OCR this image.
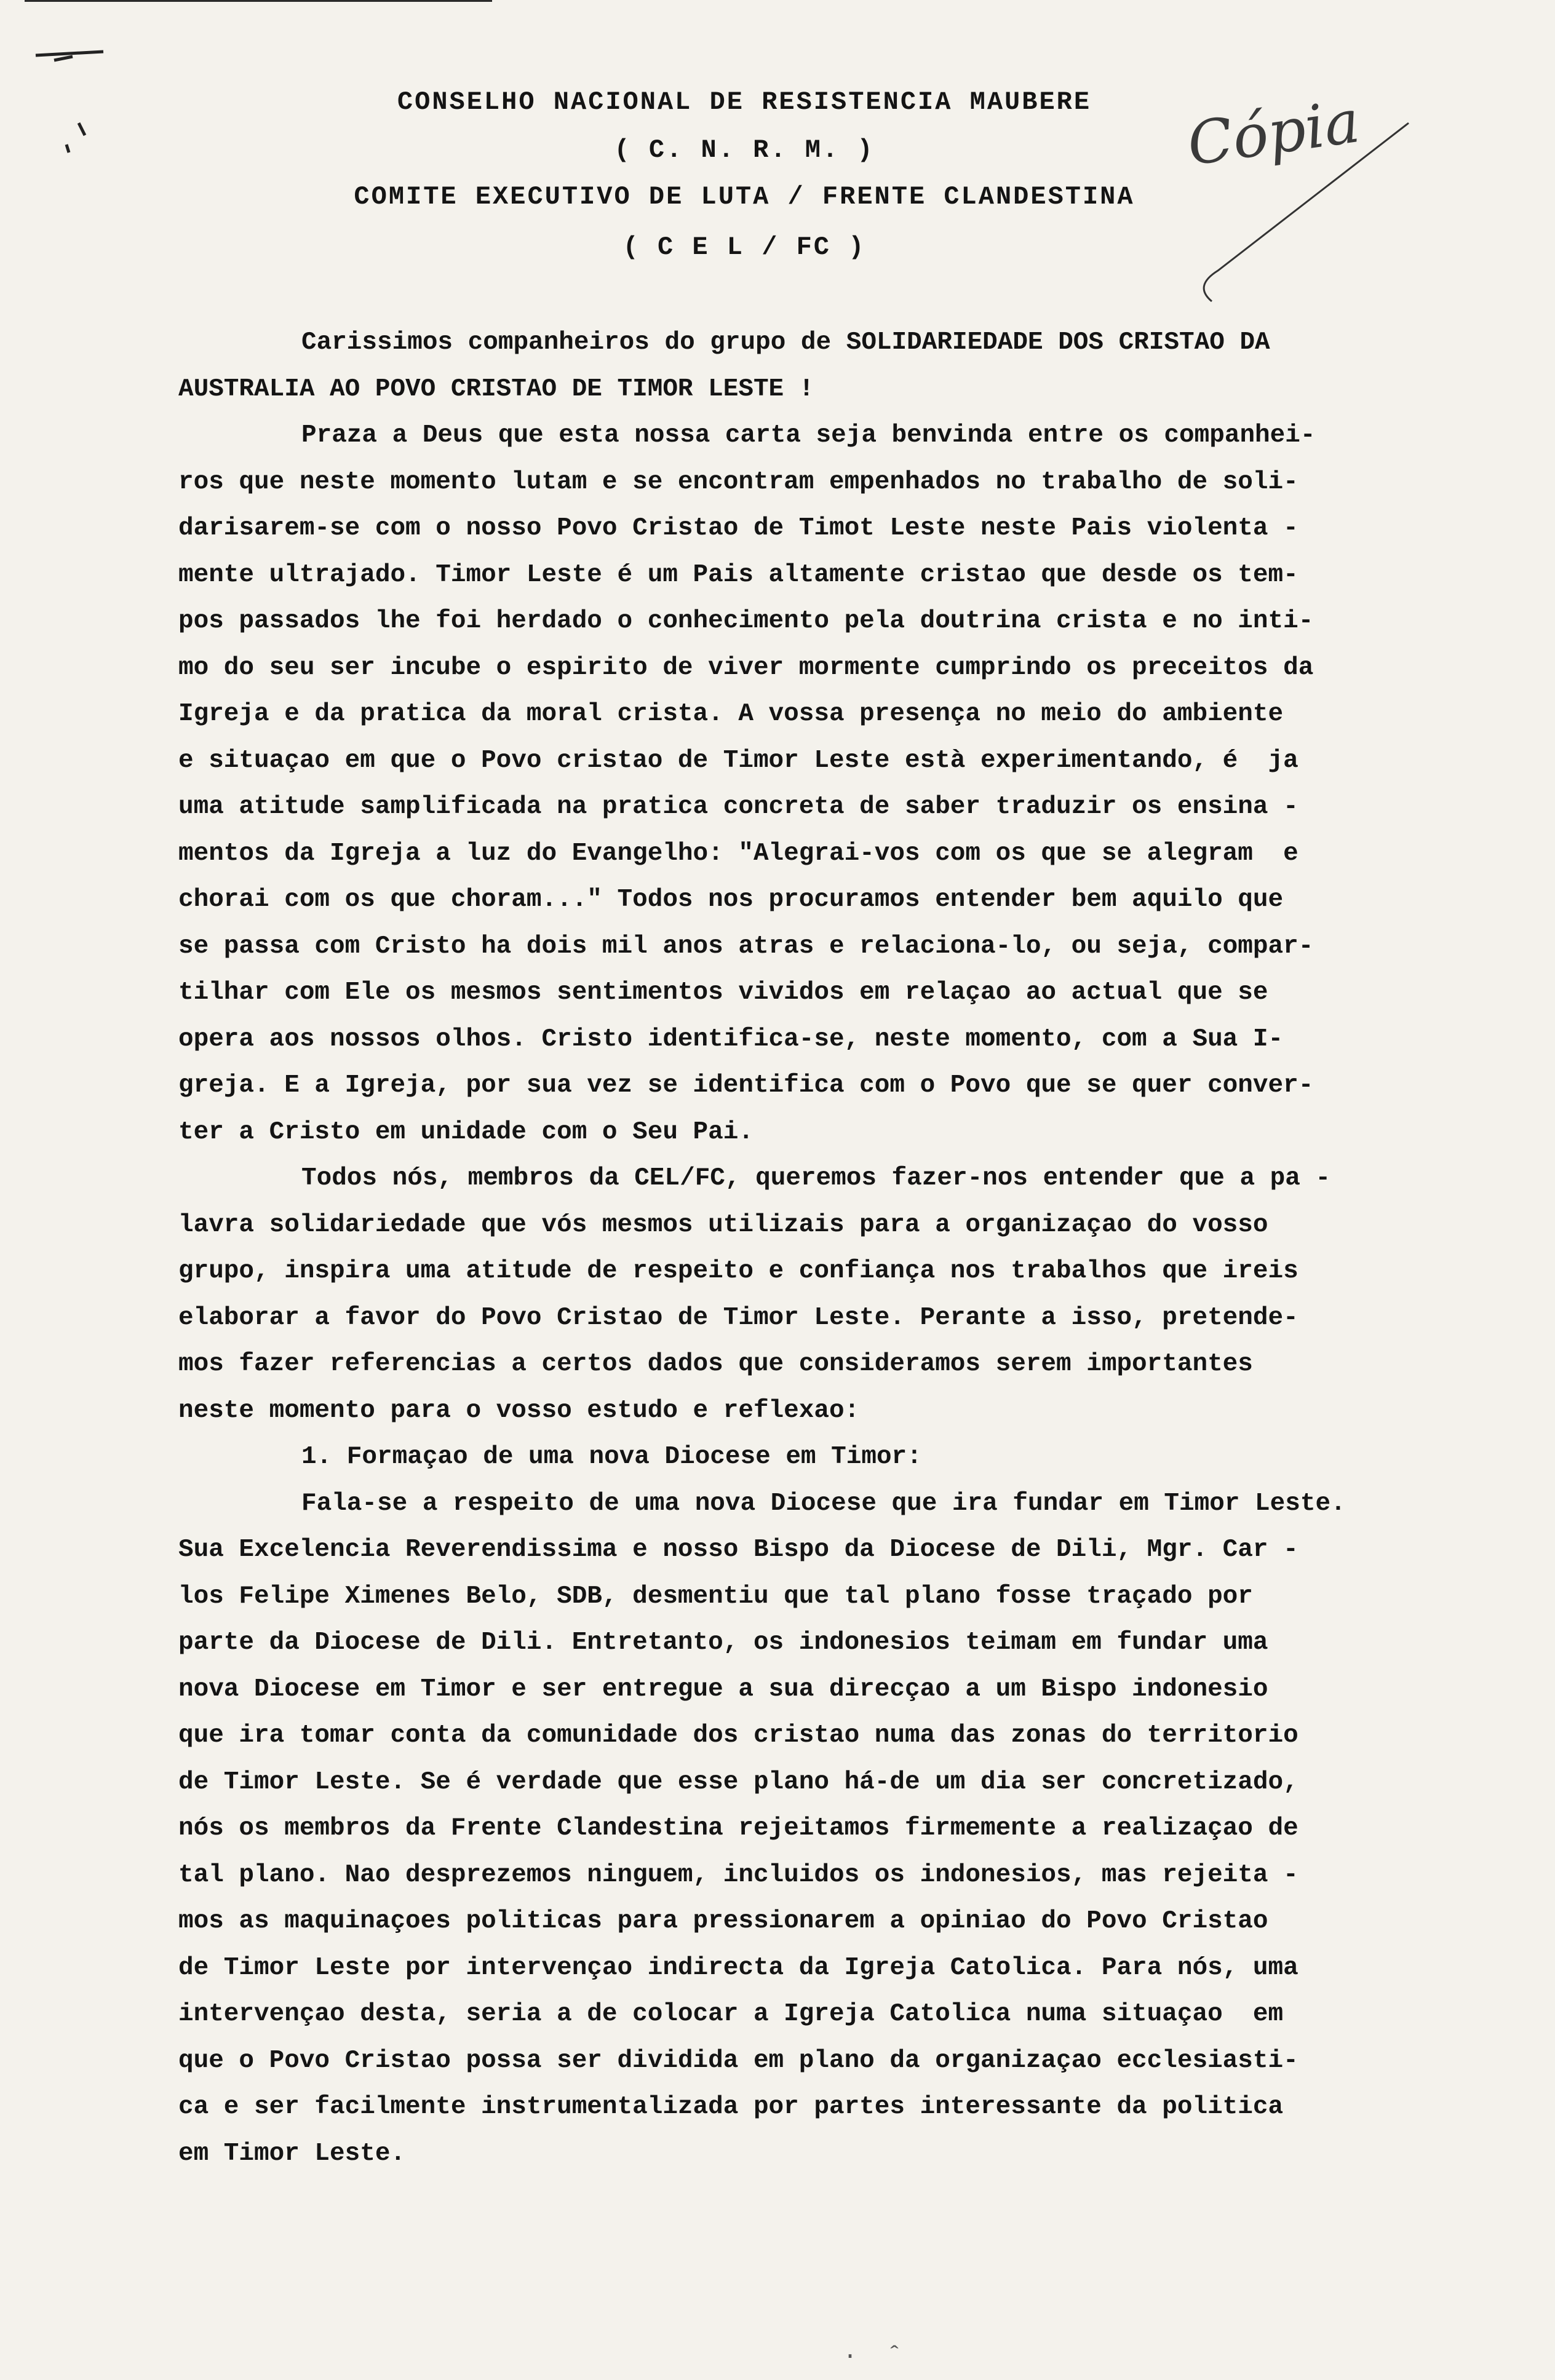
CONSELHO NACIONAL DE RESISTENCIA MAUBERE
( C. N. R. M. )
COMITE EXECUTIVO DE LUTA / FRENTE CLANDESTINA
( C E L / FC )
Cópia
Carissimos companheiros do grupo de SOLIDARIEDADE DOS CRISTAO DA
AUSTRALIA AO POVO CRISTAO DE TIMOR LESTE !
Praza a Deus que esta nossa carta seja benvinda entre os companhei-
ros que neste momento lutam e se encontram empenhados no trabalho de soli-
darisarem-se com o nosso Povo Cristao de Timot Leste neste Pais violenta -
mente ultrajado. Timor Leste é um Pais altamente cristao que desde os tem-
pos passados lhe foi herdado o conhecimento pela doutrina crista e no inti-
mo do seu ser incube o espirito de viver mormente cumprindo os preceitos da
Igreja e da pratica da moral crista. A vossa presença no meio do ambiente
e situaçao em que o Povo cristao de Timor Leste està experimentando, é  ja
uma atitude samplificada na pratica concreta de saber traduzir os ensina -
mentos da Igreja a luz do Evangelho: "Alegrai-vos com os que se alegram  e
chorai com os que choram..." Todos nos procuramos entender bem aquilo que
se passa com Cristo ha dois mil anos atras e relaciona-lo, ou seja, compar-
tilhar com Ele os mesmos sentimentos vividos em relaçao ao actual que se
opera aos nossos olhos. Cristo identifica-se, neste momento, com a Sua I-
greja. E a Igreja, por sua vez se identifica com o Povo que se quer conver-
ter a Cristo em unidade com o Seu Pai.
Todos nós, membros da CEL/FC, queremos fazer-nos entender que a pa -
lavra solidariedade que vós mesmos utilizais para a organizaçao do vosso
grupo, inspira uma atitude de respeito e confiança nos trabalhos que ireis
elaborar a favor do Povo Cristao de Timor Leste. Perante a isso, pretende-
mos fazer referencias a certos dados que consideramos serem importantes
neste momento para o vosso estudo e reflexao:
1. Formaçao de uma nova Diocese em Timor:
Fala-se a respeito de uma nova Diocese que ira fundar em Timor Leste.
Sua Excelencia Reverendissima e nosso Bispo da Diocese de Dili, Mgr. Car -
los Felipe Ximenes Belo, SDB, desmentiu que tal plano fosse traçado por
parte da Diocese de Dili. Entretanto, os indonesios teimam em fundar uma
nova Diocese em Timor e ser entregue a sua direcçao a um Bispo indonesio
que ira tomar conta da comunidade dos cristao numa das zonas do territorio
de Timor Leste. Se é verdade que esse plano há-de um dia ser concretizado,
nós os membros da Frente Clandestina rejeitamos firmemente a realizaçao de
tal plano. Nao desprezemos ninguem, incluidos os indonesios, mas rejeita -
mos as maquinaçoes politicas para pressionarem a opiniao do Povo Cristao
de Timor Leste por intervençao indirecta da Igreja Catolica. Para nós, uma
intervençao desta, seria a de colocar a Igreja Catolica numa situaçao  em
que o Povo Cristao possa ser dividida em plano da organizaçao ecclesiasti-
ca e ser facilmente instrumentalizada por partes interessante da politica
em Timor Leste.
·  ˆ
